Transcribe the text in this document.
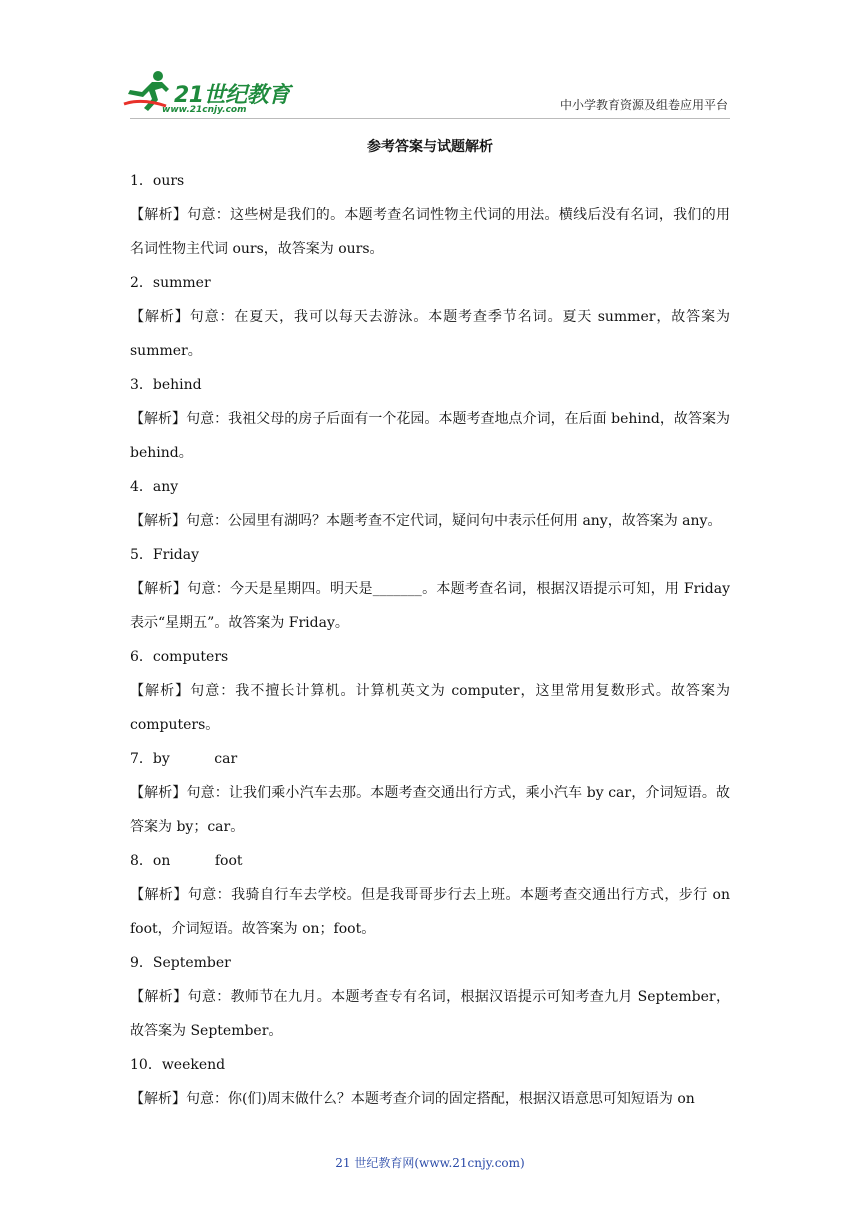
21世纪教育
www.21cnjy.com	中小学教育资源及组卷应用平台
参考答案与试题解析
1．ours
【解析】句意：这些树是我们的。本题考查名词性物主代词的用法。横线后没有名词，我们的用名词性物主代词 ours，故答案为 ours。
2．summer
【解析】句意：在夏天，我可以每天去游泳。本题考查季节名词。夏天 summer，故答案为 summer。
3．behind
【解析】句意：我祖父母的房子后面有一个花园。本题考查地点介词，在后面 behind，故答案为 behind。
4．any
【解析】句意：公园里有湖吗？本题考查不定代词，疑问句中表示任何用 any，故答案为 any。
5．Friday
【解析】句意：今天是星期四。明天是_______。本题考查名词，根据汉语提示可知，用 Friday 表示“星期五”。故答案为 Friday。
6．computers
【解析】句意：我不擅长计算机。计算机英文为 computer，这里常用复数形式。故答案为 computers。
7．by          car
【解析】句意：让我们乘小汽车去那。本题考查交通出行方式，乘小汽车 by car，介词短语。故答案为 by；car。
8．on          foot
【解析】句意：我骑自行车去学校。但是我哥哥步行去上班。本题考查交通出行方式，步行 on foot，介词短语。故答案为 on；foot。
9．September
【解析】句意：教师节在九月。本题考查专有名词，根据汉语提示可知考查九月 September，故答案为 September。
10．weekend
【解析】句意：你(们)周末做什么？本题考查介词的固定搭配，根据汉语意思可知短语为 on
21 世纪教育网(www.21cnjy.com)
